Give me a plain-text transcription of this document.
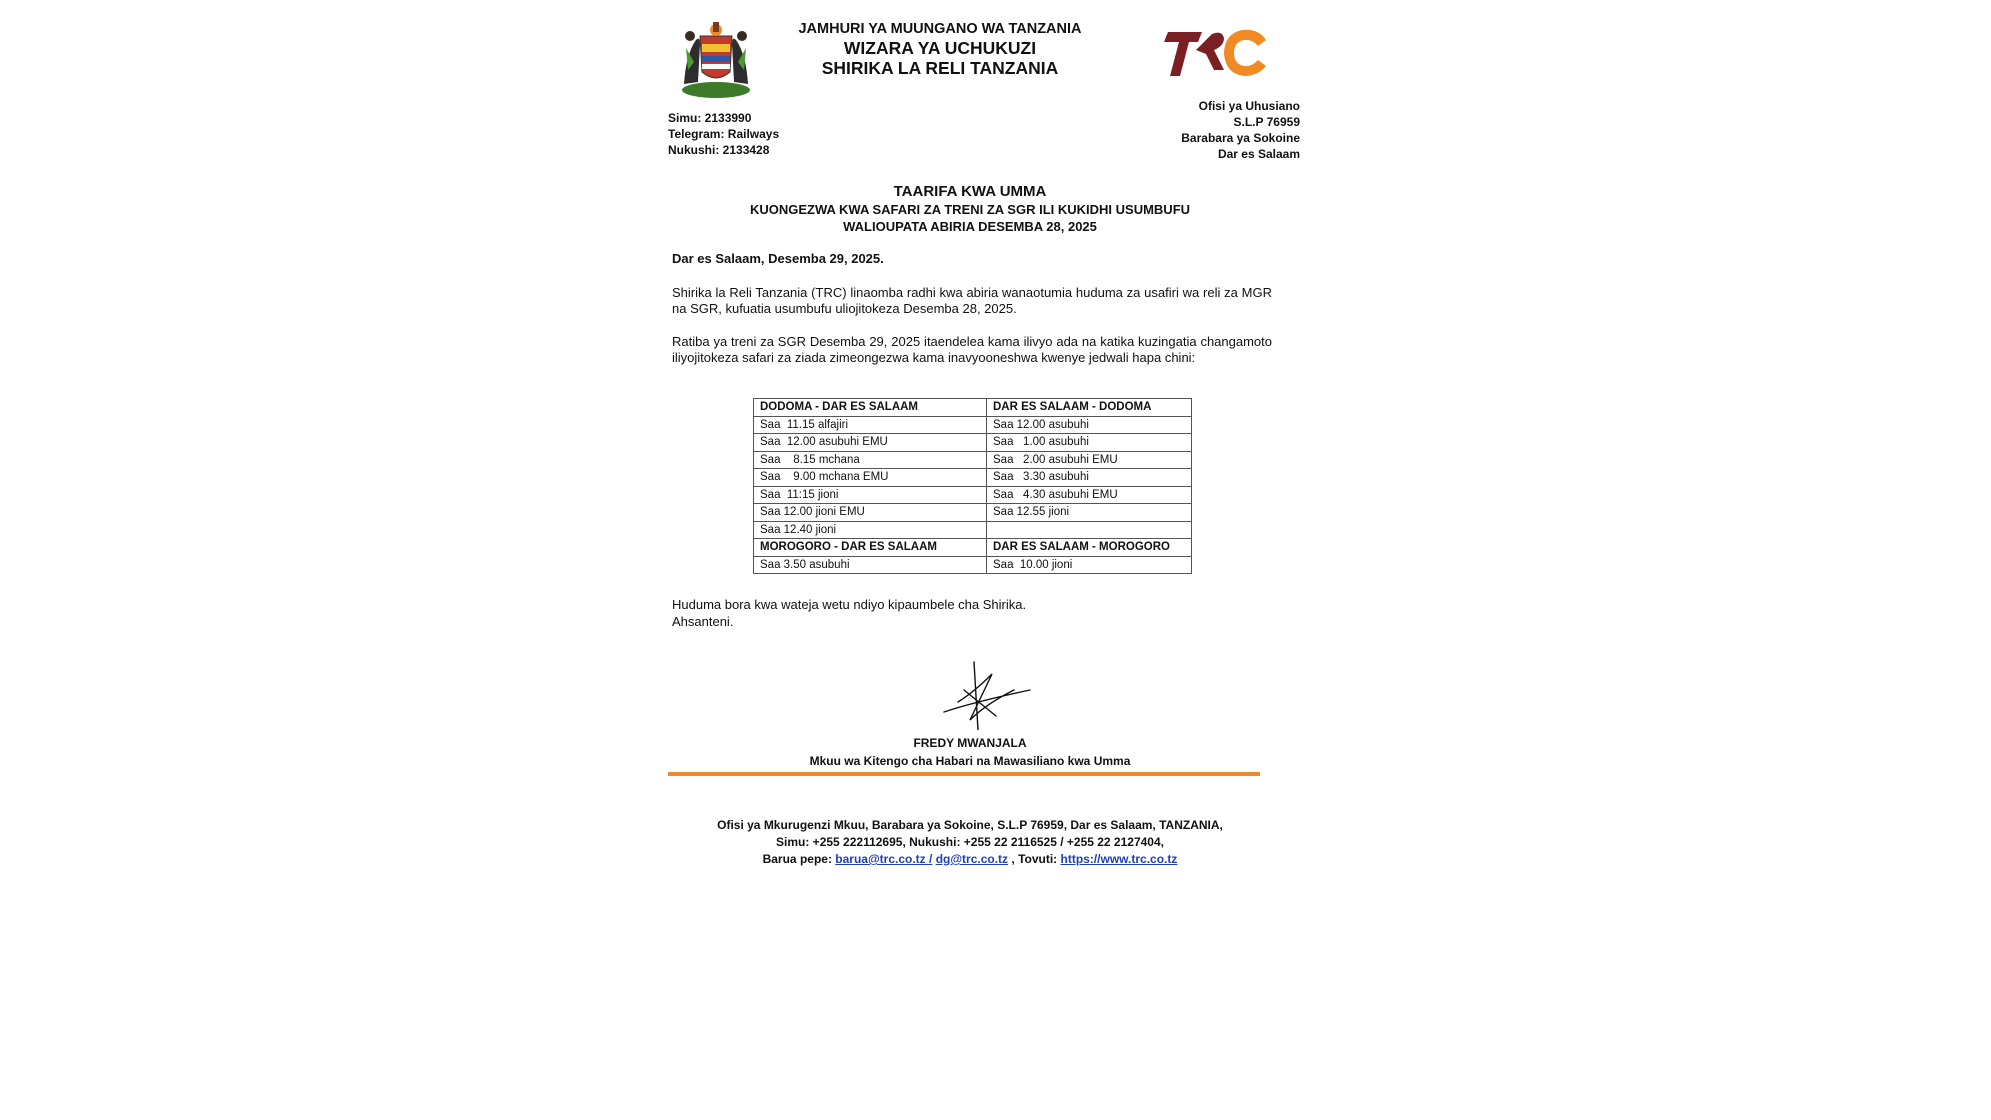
JAMHURI YA MUUNGANO WA TANZANIA
WIZARA YA UCHUKUZI
SHIRIKA LA RELI TANZANIA
Simu: 2133990
Telegram: Railways
Nukushi: 2133428
Ofisi ya Uhusiano
S.L.P 76959
Barabara ya Sokoine
Dar es Salaam
TAARIFA KWA UMMA
KUONGEZWA KWA SAFARI ZA TRENI ZA SGR ILI KUKIDHI USUMBUFU
WALIOUPATA ABIRIA DESEMBA 28, 2025
Dar es Salaam, Desemba 29, 2025.
Shirika la Reli Tanzania (TRC) linaomba radhi kwa abiria wanaotumia huduma za usafiri wa reli za MGR na SGR, kufuatia usumbufu uliojitokeza Desemba 28, 2025.
Ratiba ya treni za SGR Desemba 29, 2025 itaendelea kama ilivyo ada na katika kuzingatia changamoto iliyojitokeza safari za ziada zimeongezwa kama inavyooneshwa kwenye jedwali hapa chini:
DODOMA - DAR ES SALAAM	DAR ES SALAAM - DODOMA
Saa  11.15 alfajiri	Saa 12.00 asubuhi
Saa  12.00 asubuhi EMU	Saa   1.00 asubuhi
Saa    8.15 mchana	Saa   2.00 asubuhi EMU
Saa    9.00 mchana EMU	Saa   3.30 asubuhi
Saa  11:15 jioni	Saa   4.30 asubuhi EMU
Saa 12.00 jioni EMU	Saa 12.55 jioni
Saa 12.40 jioni	
MOROGORO - DAR ES SALAAM	DAR ES SALAAM - MOROGORO
Saa 3.50 asubuhi	Saa  10.00 jioni
Huduma bora kwa wateja wetu ndiyo kipaumbele cha Shirika.
Ahsanteni.
FREDY MWANJALA
Mkuu wa Kitengo cha Habari na Mawasiliano kwa Umma
Ofisi ya Mkurugenzi Mkuu, Barabara ya Sokoine, S.L.P 76959, Dar es Salaam, TANZANIA,
Simu: +255 222112695, Nukushi: +255 22 2116525 / +255 22 2127404,
Barua pepe: barua@trc.co.tz / dg@trc.co.tz , Tovuti: https://www.trc.co.tz
